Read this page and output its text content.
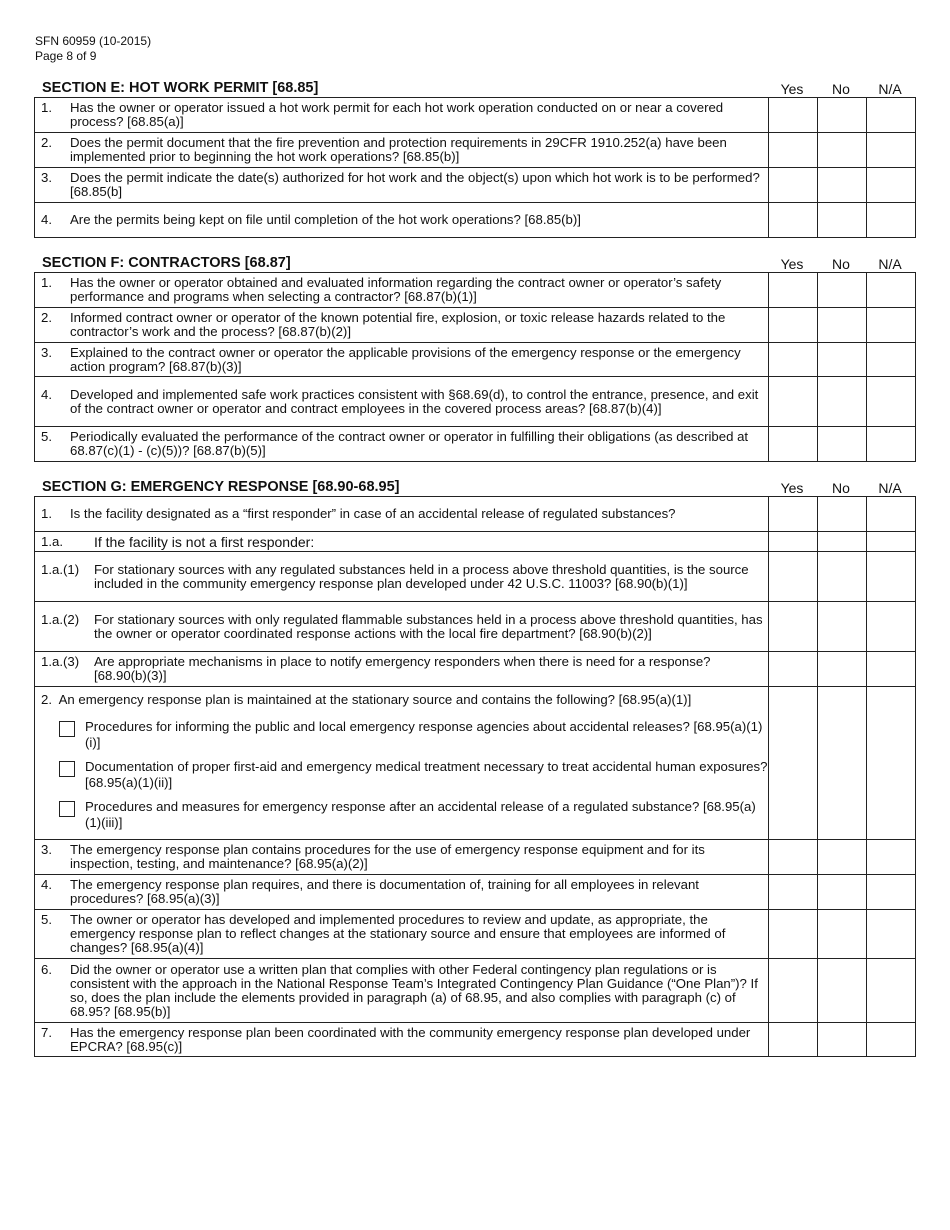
SFN 60959 (10-2015)
Page 8 of 9
SECTION E: HOT WORK PERMIT [68.85]	Yes	No	N/A
1. Has the owner or operator issued a hot work permit for each hot work operation conducted on or near a covered process? [68.85(a)]			

2. Does the permit document that the fire prevention and protection requirements in 29CFR 1910.252(a) have been implemented prior to beginning the hot work operations? [68.85(b)]			

3. Does the permit indicate the date(s) authorized for hot work and the object(s) upon which hot work is to be performed? [68.85(b]			

4. Are the permits being kept on file until completion of the hot work operations? [68.85(b)]			

SECTION F: CONTRACTORS [68.87]	Yes	No	N/A
1. Has the owner or operator obtained and evaluated information regarding the contract owner or operator’s safety performance and programs when selecting a contractor? [68.87(b)(1)]			

2. Informed contract owner or operator of the known potential fire, explosion, or toxic release hazards related to the contractor’s work and the process? [68.87(b)(2)]			

3. Explained to the contract owner or operator the applicable provisions of the emergency response or the emergency action program? [68.87(b)(3)]			

4. Developed and implemented safe work practices consistent with §68.69(d), to control the entrance, presence, and exit of the contract owner or operator and contract employees in the covered process areas? [68.87(b)(4)]			

5. Periodically evaluated the performance of the contract owner or operator in fulfilling their obligations (as described at 68.87(c)(1) - (c)(5))? [68.87(b)(5)]			

SECTION G: EMERGENCY RESPONSE [68.90-68.95]	Yes	No	N/A
1. Is the facility designated as a “first responder” in case of an accidental release of regulated substances?			

1.a. If the facility is not a first responder:			

1.a.(1) For stationary sources with any regulated substances held in a process above threshold quantities, is the source included in the community emergency response plan developed under 42 U.S.C. 11003? [68.90(b)(1)]			

1.a.(2) For stationary sources with only regulated flammable substances held in a process above threshold quantities, has the owner or operator coordinated response actions with the local fire department? [68.90(b)(2)]			

1.a.(3) Are appropriate mechanisms in place to notify emergency responders when there is need for a response? [68.90(b)(3)]			

2. An emergency response plan is maintained at the stationary source and contains the following? [68.95(a)(1)]
Procedures for informing the public and local emergency response agencies about accidental releases? [68.95(a)(1)(i)]
Documentation of proper first-aid and emergency medical treatment necessary to treat accidental human exposures? [68.95(a)(1)(ii)]
Procedures and measures for emergency response after an accidental release of a regulated substance? [68.95(a)(1)(iii)]			

3. The emergency response plan contains procedures for the use of emergency response equipment and for its inspection, testing, and maintenance? [68.95(a)(2)]			

4. The emergency response plan requires, and there is documentation of, training for all employees in relevant procedures? [68.95(a)(3)]			

5. The owner or operator has developed and implemented procedures to review and update, as appropriate, the emergency response plan to reflect changes at the stationary source and ensure that employees are informed of changes? [68.95(a)(4)]			

6. Did the owner or operator use a written plan that complies with other Federal contingency plan regulations or is consistent with the approach in the National Response Team’s Integrated Contingency Plan Guidance (“One Plan”)? If so, does the plan include the elements provided in paragraph (a) of 68.95, and also complies with paragraph (c) of 68.95? [68.95(b)]			

7. Has the emergency response plan been coordinated with the community emergency response plan developed under EPCRA? [68.95(c)]			
